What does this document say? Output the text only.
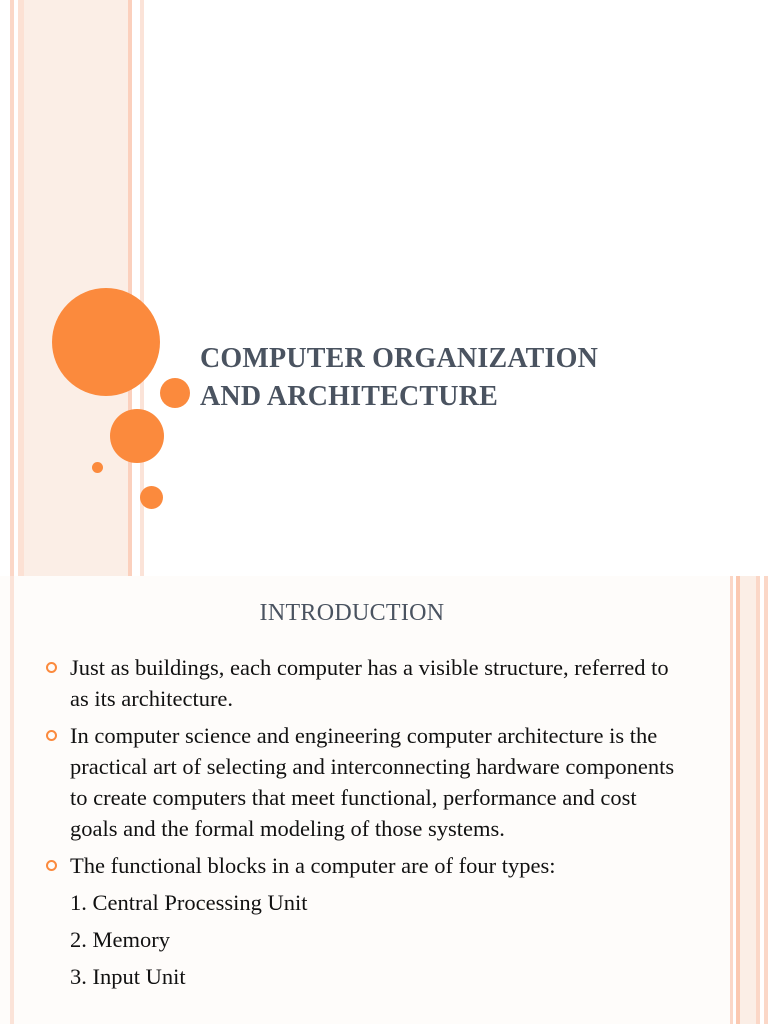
COMPUTER ORGANIZATION
AND ARCHITECTURE
INTRODUCTION
Just as buildings, each computer has a visible structure, referred to as its architecture.
In computer science and engineering computer architecture is the practical art of selecting and interconnecting hardware components to create computers that meet functional, performance and cost goals and the formal modeling of those systems.
The functional blocks in a computer are of four types:
1. Central Processing Unit
2. Memory
3. Input Unit
